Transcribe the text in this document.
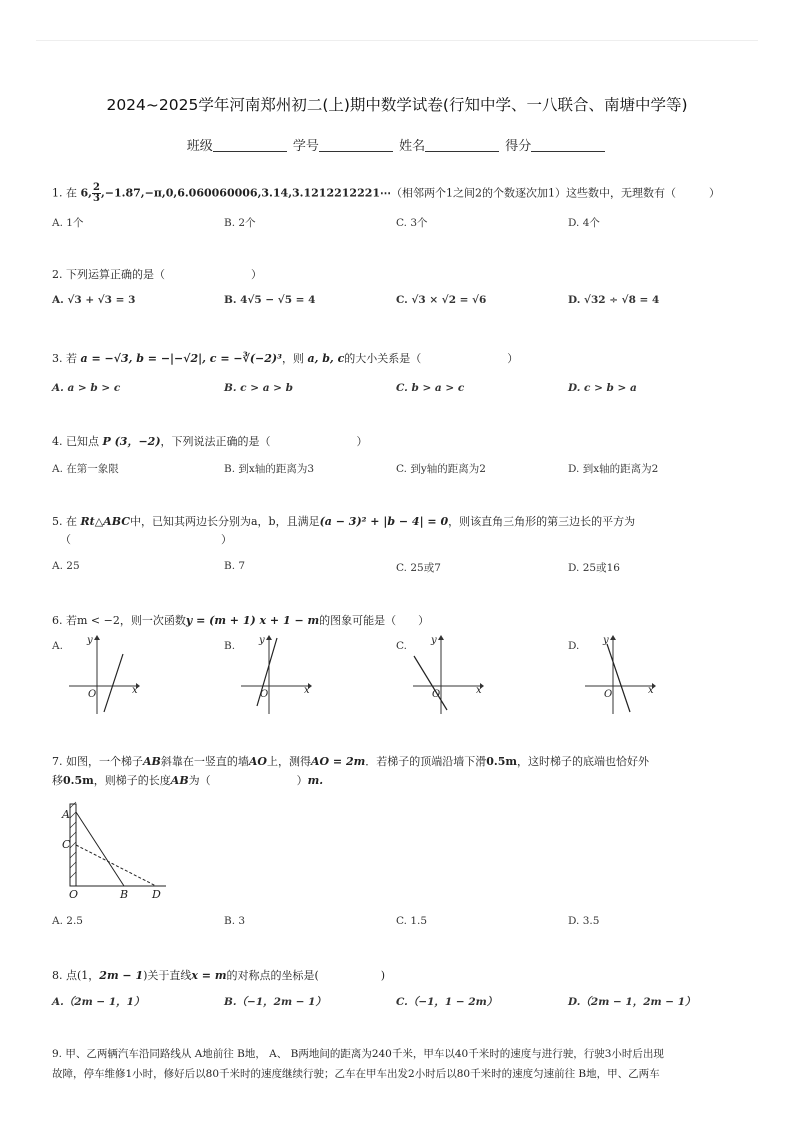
2024~2025学年河南郑州初二(上)期中数学试卷(行知中学、一八联合、南塘中学等)
班级	学号	姓名	得分
1. 在 6, $\frac{2}{3}$ ,−1.87,−π,0,6.060060006,3.14,3.1212212221⋯（相邻两个1之间2的个数逐次加1）这些数中，无理数有（　　　）
A. 1个	B. 2个	C. 3个	D. 4个
2. 下列运算正确的是（	）
A. √3 + √3 = 3	B. 4√5 − √5 = 4	C. √3 × √2 = √6	D. √32 ÷ √8 = 4
3. 若 a = −√3, b = −|−√2|, c = −∛(−2)³，则 a, b, c的大小关系是（	）
A. a > b > c	B. c > a > b	C. b > a > c	D. c > b > a
4. 已知点 P (3，−2)，下列说法正确的是（	）
A. 在第一象限	B. 到x轴的距离为3	C. 到y轴的距离为2	D. 到x轴的距离为2
5. 在 Rt△ABC中，已知其两边长分别为a，b，且满足(a − 3)² + |b − 4| = 0，则该直角三角形的第三边长的平方为
（	）
A. 25	B. 7	C. 25或7	D. 25或16
6. 若m < −2，则一次函数y = (m + 1) x + 1 − m的图象可能是（　　）
A.
O	x
y	B.
O	x
y	C.
O	x
y	D.
O	x
y
7. 如图，一个梯子AB斜靠在一竖直的墙AO上，测得AO = 2m．若梯子的顶端沿墙下滑0.5m，这时梯子的底端也恰好外
移0.5m，则梯子的长度AB为（	）m.
A
C
O	B D
A. 2.5	B. 3	C. 1.5	D. 3.5
8. 点(1，2m − 1)关于直线x = m的对称点的坐标是(	)
A.（2m − 1，1）	B.（−1，2m − 1）	C.（−1，1 − 2m）	D.（2m − 1，2m − 1）
9. 甲、乙两辆汽车沿同路线从 A地前往 B地， A、 B两地间的距离为240千米，甲车以40千米时的速度与进行驶，行驶3小时后出现
故障，停车维修1小时，修好后以80千米时的速度继续行驶；乙车在甲车出发2小时后以80千米时的速度匀速前往 B地，甲、乙两车
